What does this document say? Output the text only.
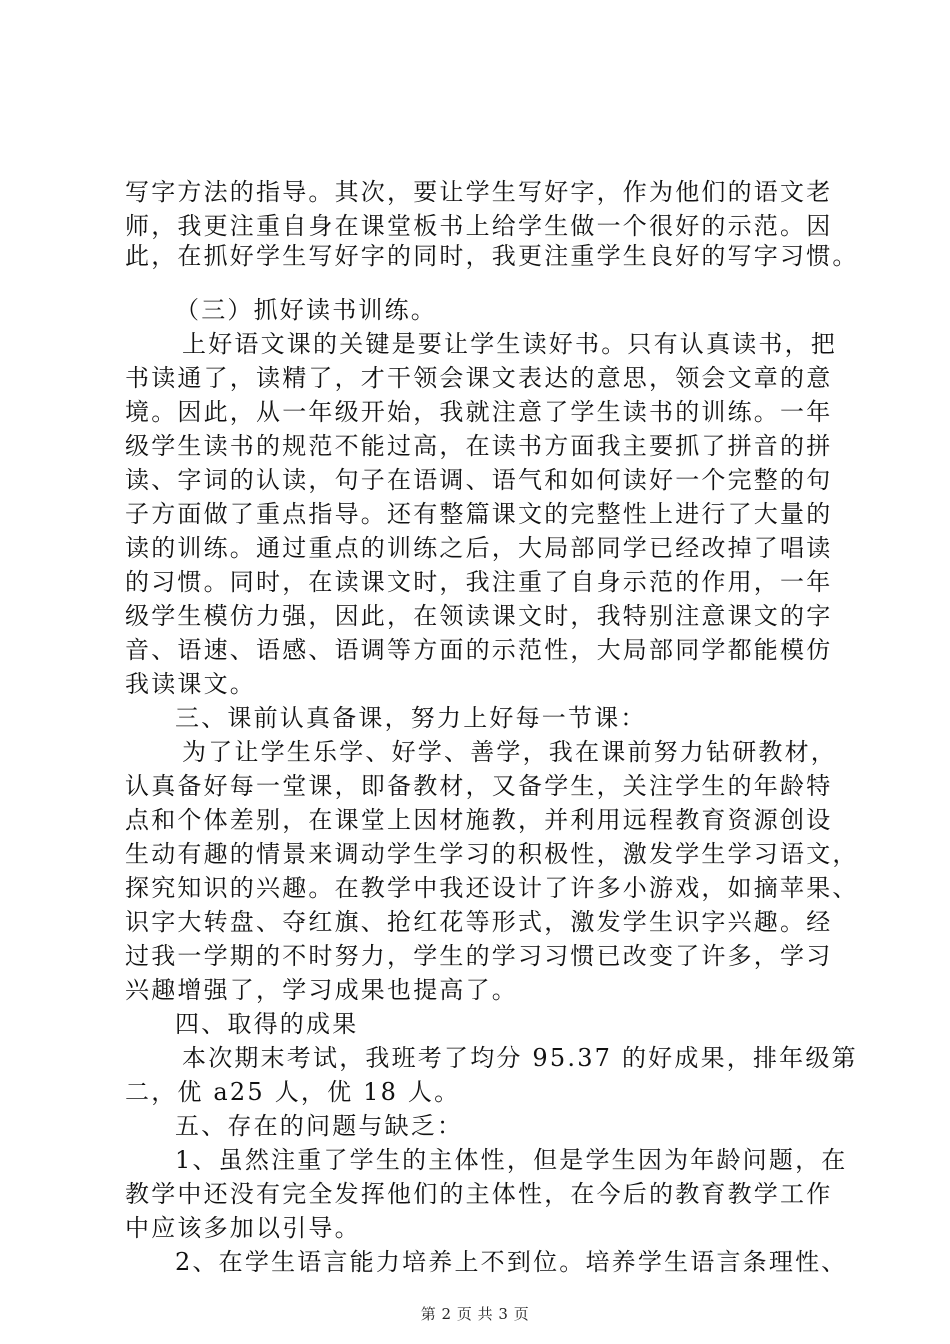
写字方法的指导。其次，要让学生写好字，作为他们的语文老
师，我更注重自身在课堂板书上给学生做一个很好的示范。因
此，在抓好学生写好字的同时，我更注重学生良好的写字习惯。
（三）抓好读书训练。
上好语文课的关键是要让学生读好书。只有认真读书，把
书读通了，读精了，才干领会课文表达的意思，领会文章的意
境。因此，从一年级开始，我就注意了学生读书的训练。一年
级学生读书的规范不能过高，在读书方面我主要抓了拼音的拼
读、字词的认读，句子在语调、语气和如何读好一个完整的句
子方面做了重点指导。还有整篇课文的完整性上进行了大量的
读的训练。通过重点的训练之后，大局部同学已经改掉了唱读
的习惯。同时，在读课文时，我注重了自身示范的作用，一年
级学生模仿力强，因此，在领读课文时，我特别注意课文的字
音、语速、语感、语调等方面的示范性，大局部同学都能模仿
我读课文。
三、课前认真备课，努力上好每一节课：
为了让学生乐学、好学、善学，我在课前努力钻研教材，
认真备好每一堂课，即备教材，又备学生，关注学生的年龄特
点和个体差别，在课堂上因材施教，并利用远程教育资源创设
生动有趣的情景来调动学生学习的积极性，激发学生学习语文，
探究知识的兴趣。在教学中我还设计了许多小游戏，如摘苹果、
识字大转盘、夺红旗、抢红花等形式，激发学生识字兴趣。经
过我一学期的不时努力，学生的学习习惯已改变了许多，学习
兴趣增强了，学习成果也提高了。
四、取得的成果
本次期末考试，我班考了均分 95.37 的好成果，排年级第
二，优 a25 人，优 18 人。
五、存在的问题与缺乏：
1、虽然注重了学生的主体性，但是学生因为年龄问题，在
教学中还没有完全发挥他们的主体性，在今后的教育教学工作
中应该多加以引导。
2、在学生语言能力培养上不到位。培养学生语言条理性、
第 2 页 共 3 页
